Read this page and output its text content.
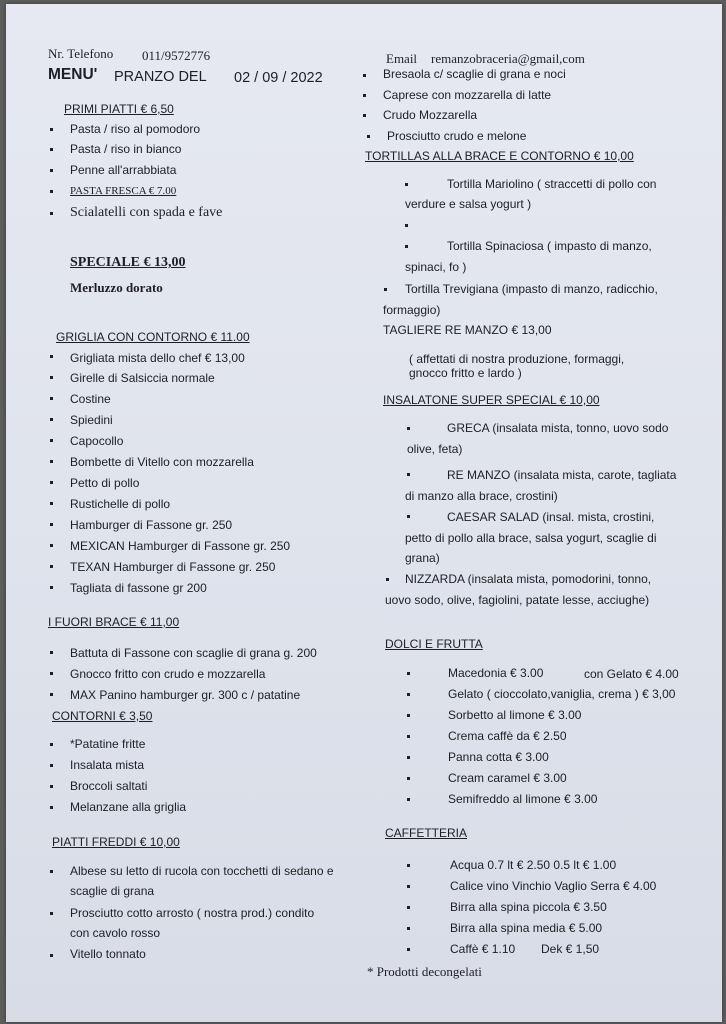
Nr. Telefono 011/9572776	Email remanzobraceria@gmail,com
MENU' PRANZO DEL 02 / 09 / 2022
PRIMI PIATTI € 6,50
Pasta / riso al pomodoro
Pasta / riso in bianco
Penne all'arrabbiata
PASTA FRESCA € 7.00
Scialatelli con spada e fave
SPECIALE € 13,00
Merluzzo dorato
GRIGLIA CON CONTORNO € 11.00
Grigliata mista dello chef € 13,00
Girelle di Salsiccia normale
Costine
Spiedini
Capocollo
Bombette di Vitello con mozzarella
Petto di pollo
Rustichelle di pollo
Hamburger di Fassone gr. 250
MEXICAN Hamburger di Fassone gr. 250
TEXAN Hamburger di Fassone gr. 250
Tagliata di fassone gr 200
I FUORI BRACE € 11,00
Battuta di Fassone con scaglie di grana g. 200
Gnocco fritto con crudo e mozzarella
MAX Panino hamburger gr. 300 c / patatine
CONTORNI € 3,50
*Patatine fritte
Insalata mista
Broccoli saltati
Melanzane alla griglia
PIATTI FREDDI € 10,00
Albese su letto di rucola con tocchetti di sedano e
scaglie di grana
Prosciutto cotto arrosto ( nostra prod.) condito
con cavolo rosso
Vitello tonnato
Bresaola c/ scaglie di grana e noci
Caprese con mozzarella di latte
Crudo Mozzarella
Prosciutto crudo e melone
TORTILLAS ALLA BRACE E CONTORNO € 10,00
Tortilla Mariolino ( straccetti di pollo con
verdure e salsa yogurt )
Tortilla Spinaciosa ( impasto di manzo,
spinaci, fo )
Tortilla Trevigiana (impasto di manzo, radicchio,
formaggio)
TAGLIERE RE MANZO € 13,00
( affettati di nostra produzione, formaggi,
gnocco fritto e lardo )
INSALATONE SUPER SPECIAL € 10,00
GRECA (insalata mista, tonno, uovo sodo
olive, feta)
RE MANZO (insalata mista, carote, tagliata
di manzo alla brace, crostini)
CAESAR SALAD (insal. mista, crostini,
petto di pollo alla brace, salsa yogurt, scaglie di
grana)
NIZZARDA (insalata mista, pomodorini, tonno,
uovo sodo, olive, fagiolini, patate lesse, acciughe)
DOLCI E FRUTTA
Macedonia € 3.00	con Gelato € 4.00
Gelato ( cioccolato,vaniglia, crema ) € 3,00
Sorbetto al limone € 3.00
Crema caffè da € 2.50
Panna cotta € 3.00
Cream caramel € 3.00
Semifreddo al limone € 3.00
CAFFETTERIA
Acqua 0.7 lt € 2.50 0.5 lt € 1.00
Calice vino Vinchio Vaglio Serra € 4.00
Birra alla spina piccola € 3.50
Birra alla spina media € 5.00
Caffè € 1.10 Dek € 1,50
* Prodotti decongelati
